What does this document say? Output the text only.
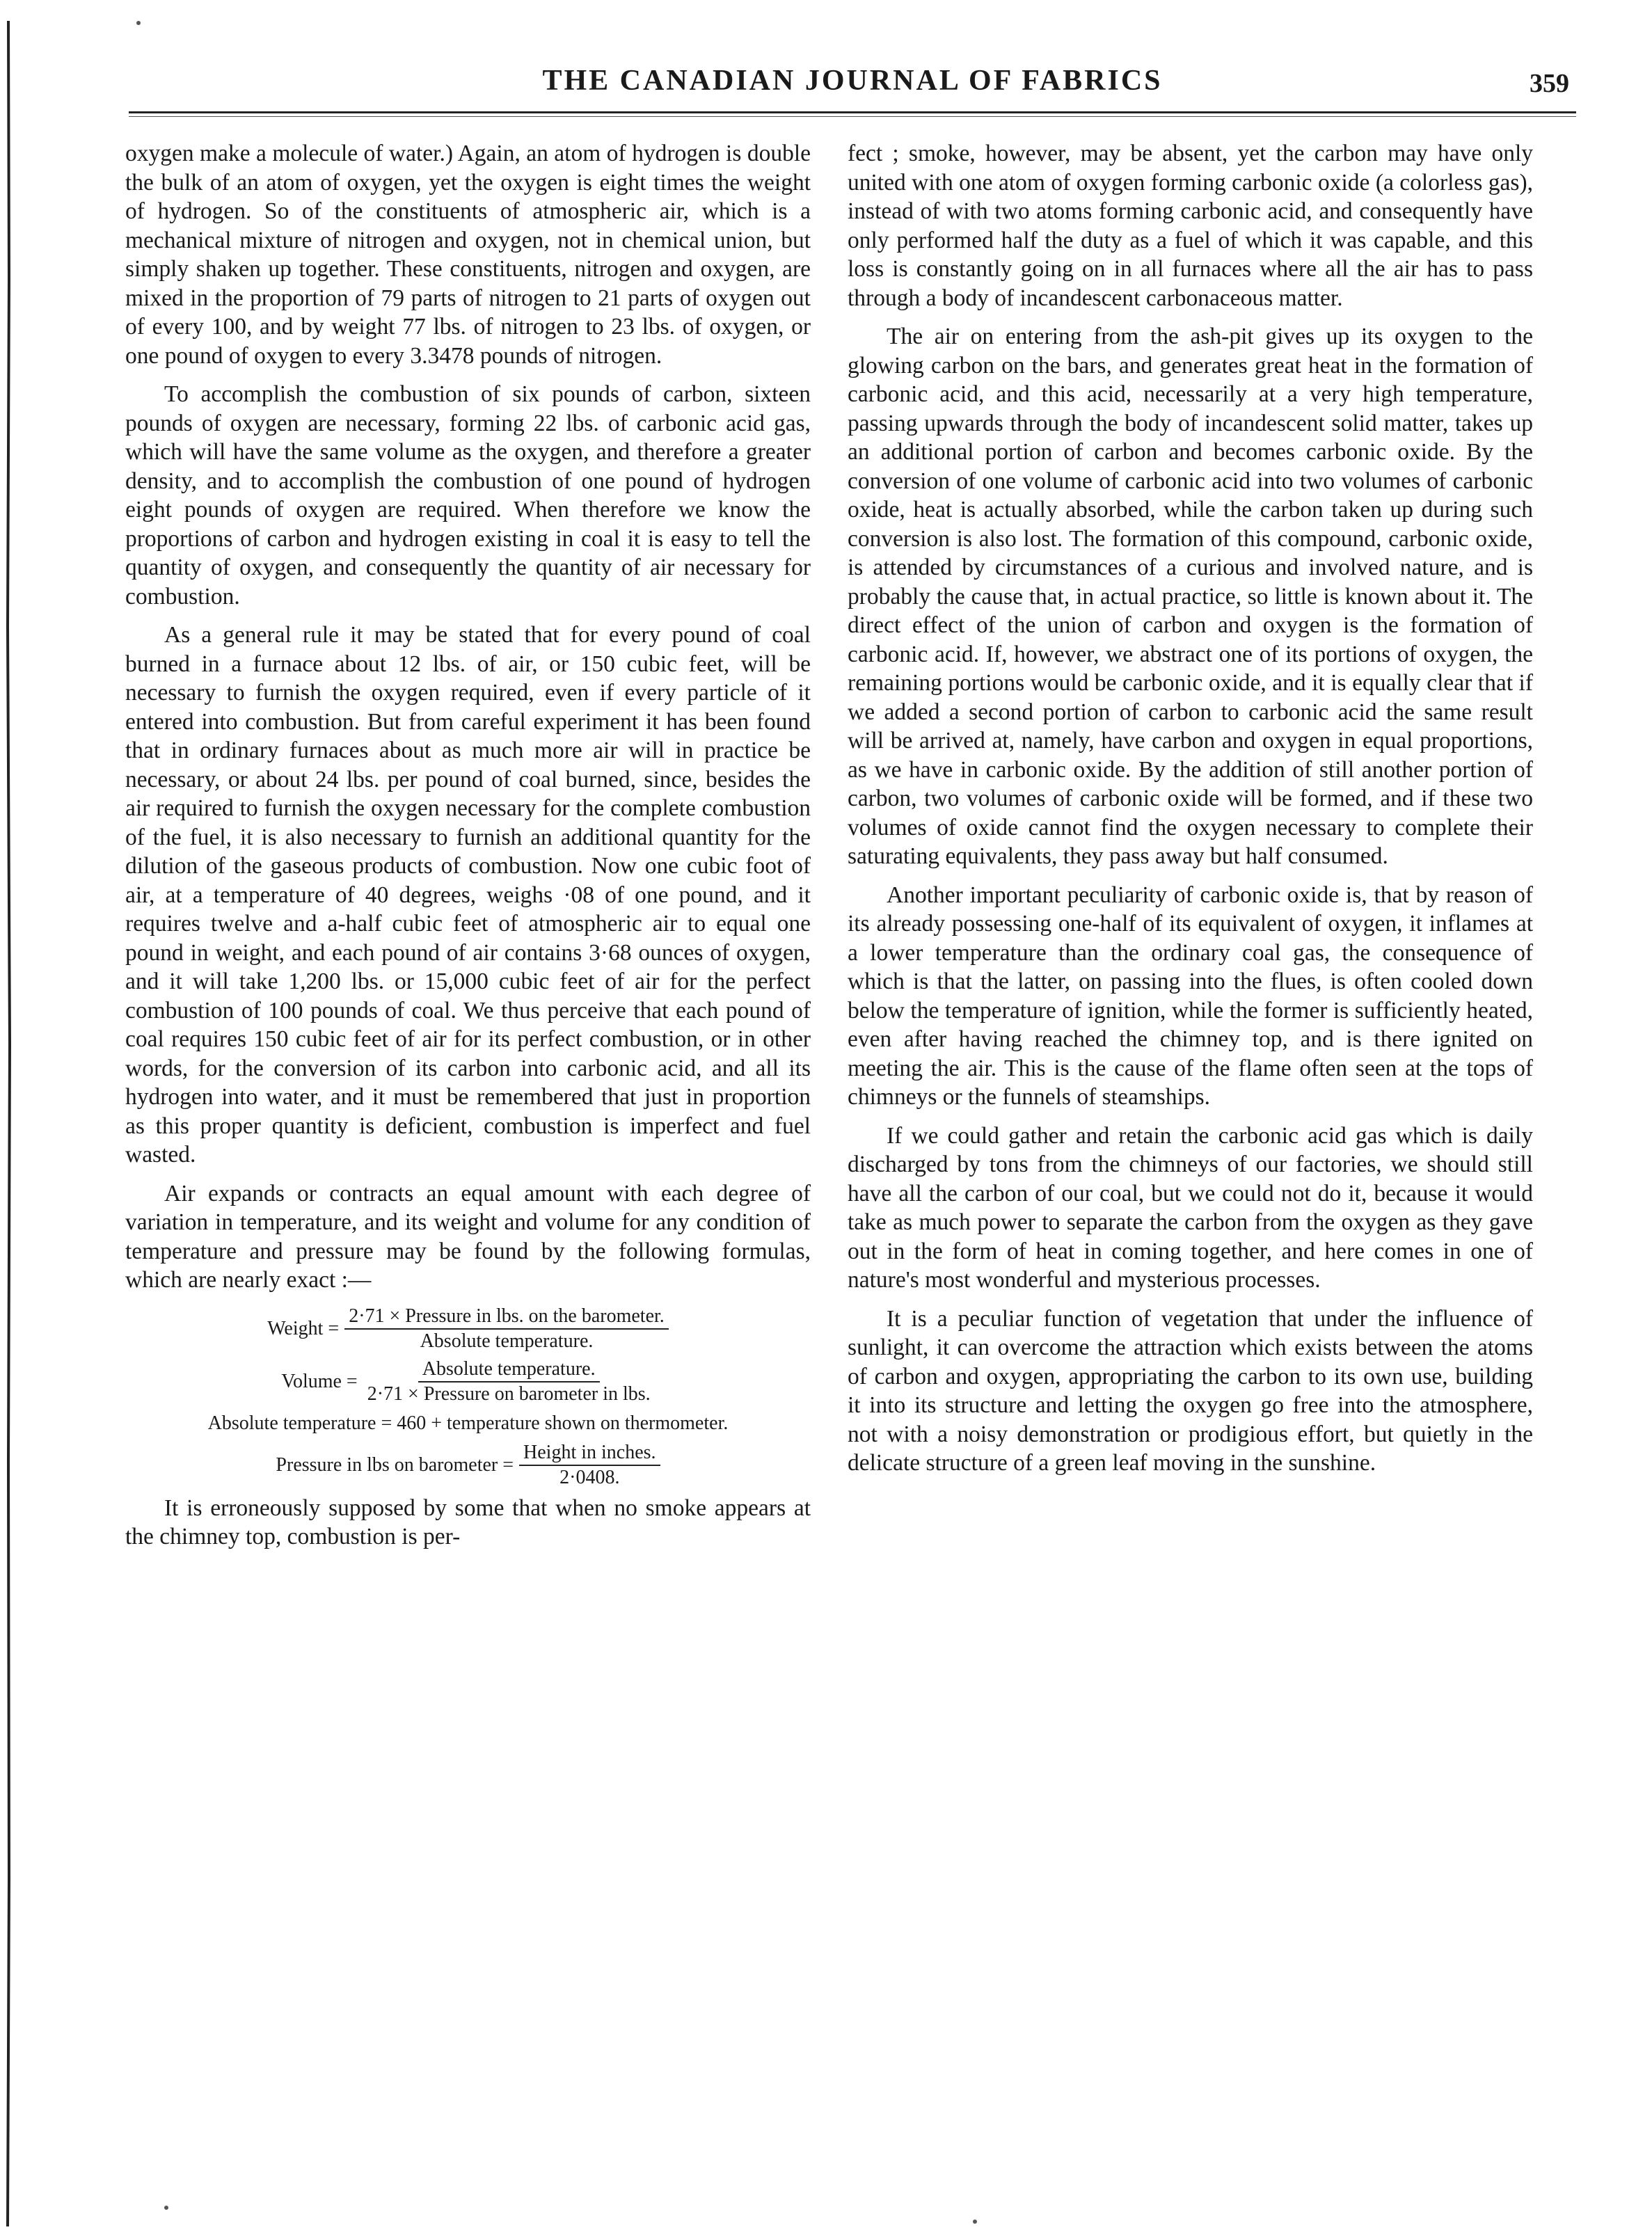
THE CANADIAN JOURNAL OF FABRICS	359

oxygen make a molecule of water.) Again, an atom of hydrogen is double the bulk of an atom of oxygen, yet the oxygen is eight times the weight of hydrogen. So of the constituents of atmospheric air, which is a mechanical mixture of nitrogen and oxygen, not in chemical union, but simply shaken up together. These constituents, nitrogen and oxygen, are mixed in the proportion of 79 parts of nitrogen to 21 parts of oxygen out of every 100, and by weight 77 lbs. of nitrogen to 23 lbs. of oxygen, or one pound of oxygen to every 3.3478 pounds of nitrogen.

To accomplish the combustion of six pounds of carbon, sixteen pounds of oxygen are necessary, forming 22 lbs. of carbonic acid gas, which will have the same volume as the oxygen, and therefore a greater density, and to accomplish the combustion of one pound of hydrogen eight pounds of oxygen are required. When therefore we know the proportions of carbon and hydrogen existing in coal it is easy to tell the quantity of oxygen, and consequently the quantity of air necessary for combustion.

As a general rule it may be stated that for every pound of coal burned in a furnace about 12 lbs. of air, or 150 cubic feet, will be necessary to furnish the oxygen required, even if every particle of it entered into combustion. But from careful experiment it has been found that in ordinary furnaces about as much more air will in practice be necessary, or about 24 lbs. per pound of coal burned, since, besides the air required to furnish the oxygen necessary for the complete combustion of the fuel, it is also necessary to furnish an additional quantity for the dilution of the gaseous products of combustion. Now one cubic foot of air, at a temperature of 40 degrees, weighs ·08 of one pound, and it requires twelve and a-half cubic feet of atmospheric air to equal one pound in weight, and each pound of air contains 3·68 ounces of oxygen, and it will take 1,200 lbs. or 15,000 cubic feet of air for the perfect combustion of 100 pounds of coal. We thus perceive that each pound of coal requires 150 cubic feet of air for its perfect combustion, or in other words, for the conversion of its carbon into carbonic acid, and all its hydrogen into water, and it must be remembered that just in proportion as this proper quantity is deficient, combustion is imperfect and fuel wasted.

Air expands or contracts an equal amount with each degree of variation in temperature, and its weight and volume for any condition of temperature and pressure may be found by the following formulas, which are nearly exact :—

Weight = $\frac{\text{2·71 × Pressure in lbs. on the barometer.}}{\text{Absolute temperature.}}$
Volume = $\frac{\text{Absolute temperature.}}{\text{2·71 × Pressure on barometer in lbs.}}$
Absolute temperature = 460 + temperature shown on thermometer.
Pressure in lbs on barometer = $\frac{\text{Height in inches.}}{2\cdot 0408.}$

It is erroneously supposed by some that when no smoke appears at the chimney top, combustion is per-

fect ; smoke, however, may be absent, yet the carbon may have only united with one atom of oxygen forming carbonic oxide (a colorless gas), instead of with two atoms forming carbonic acid, and consequently have only performed half the duty as a fuel of which it was capable, and this loss is constantly going on in all furnaces where all the air has to pass through a body of incandescent carbonaceous matter.

The air on entering from the ash-pit gives up its oxygen to the glowing carbon on the bars, and generates great heat in the formation of carbonic acid, and this acid, necessarily at a very high temperature, passing upwards through the body of incandescent solid matter, takes up an additional portion of carbon and becomes carbonic oxide. By the conversion of one volume of carbonic acid into two volumes of carbonic oxide, heat is actually absorbed, while the carbon taken up during such conversion is also lost. The formation of this compound, carbonic oxide, is attended by circumstances of a curious and involved nature, and is probably the cause that, in actual practice, so little is known about it. The direct effect of the union of carbon and oxygen is the formation of carbonic acid. If, however, we abstract one of its portions of oxygen, the remaining portions would be carbonic oxide, and it is equally clear that if we added a second portion of carbon to carbonic acid the same result will be arrived at, namely, have carbon and oxygen in equal proportions, as we have in carbonic oxide. By the addition of still another portion of carbon, two volumes of carbonic oxide will be formed, and if these two volumes of oxide cannot find the oxygen necessary to complete their saturating equivalents, they pass away but half consumed.

Another important peculiarity of carbonic oxide is, that by reason of its already possessing one-half of its equivalent of oxygen, it inflames at a lower temperature than the ordinary coal gas, the consequence of which is that the latter, on passing into the flues, is often cooled down below the temperature of ignition, while the former is sufficiently heated, even after having reached the chimney top, and is there ignited on meeting the air. This is the cause of the flame often seen at the tops of chimneys or the funnels of steamships.

If we could gather and retain the carbonic acid gas which is daily discharged by tons from the chimneys of our factories, we should still have all the carbon of our coal, but we could not do it, because it would take as much power to separate the carbon from the oxygen as they gave out in the form of heat in coming together, and here comes in one of nature's most wonderful and mysterious processes.

It is a peculiar function of vegetation that under the influence of sunlight, it can overcome the attraction which exists between the atoms of carbon and oxygen, appropriating the carbon to its own use, building it into its structure and letting the oxygen go free into the atmosphere, not with a noisy demonstration or prodigious effort, but quietly in the delicate structure of a green leaf moving in the sunshine.
